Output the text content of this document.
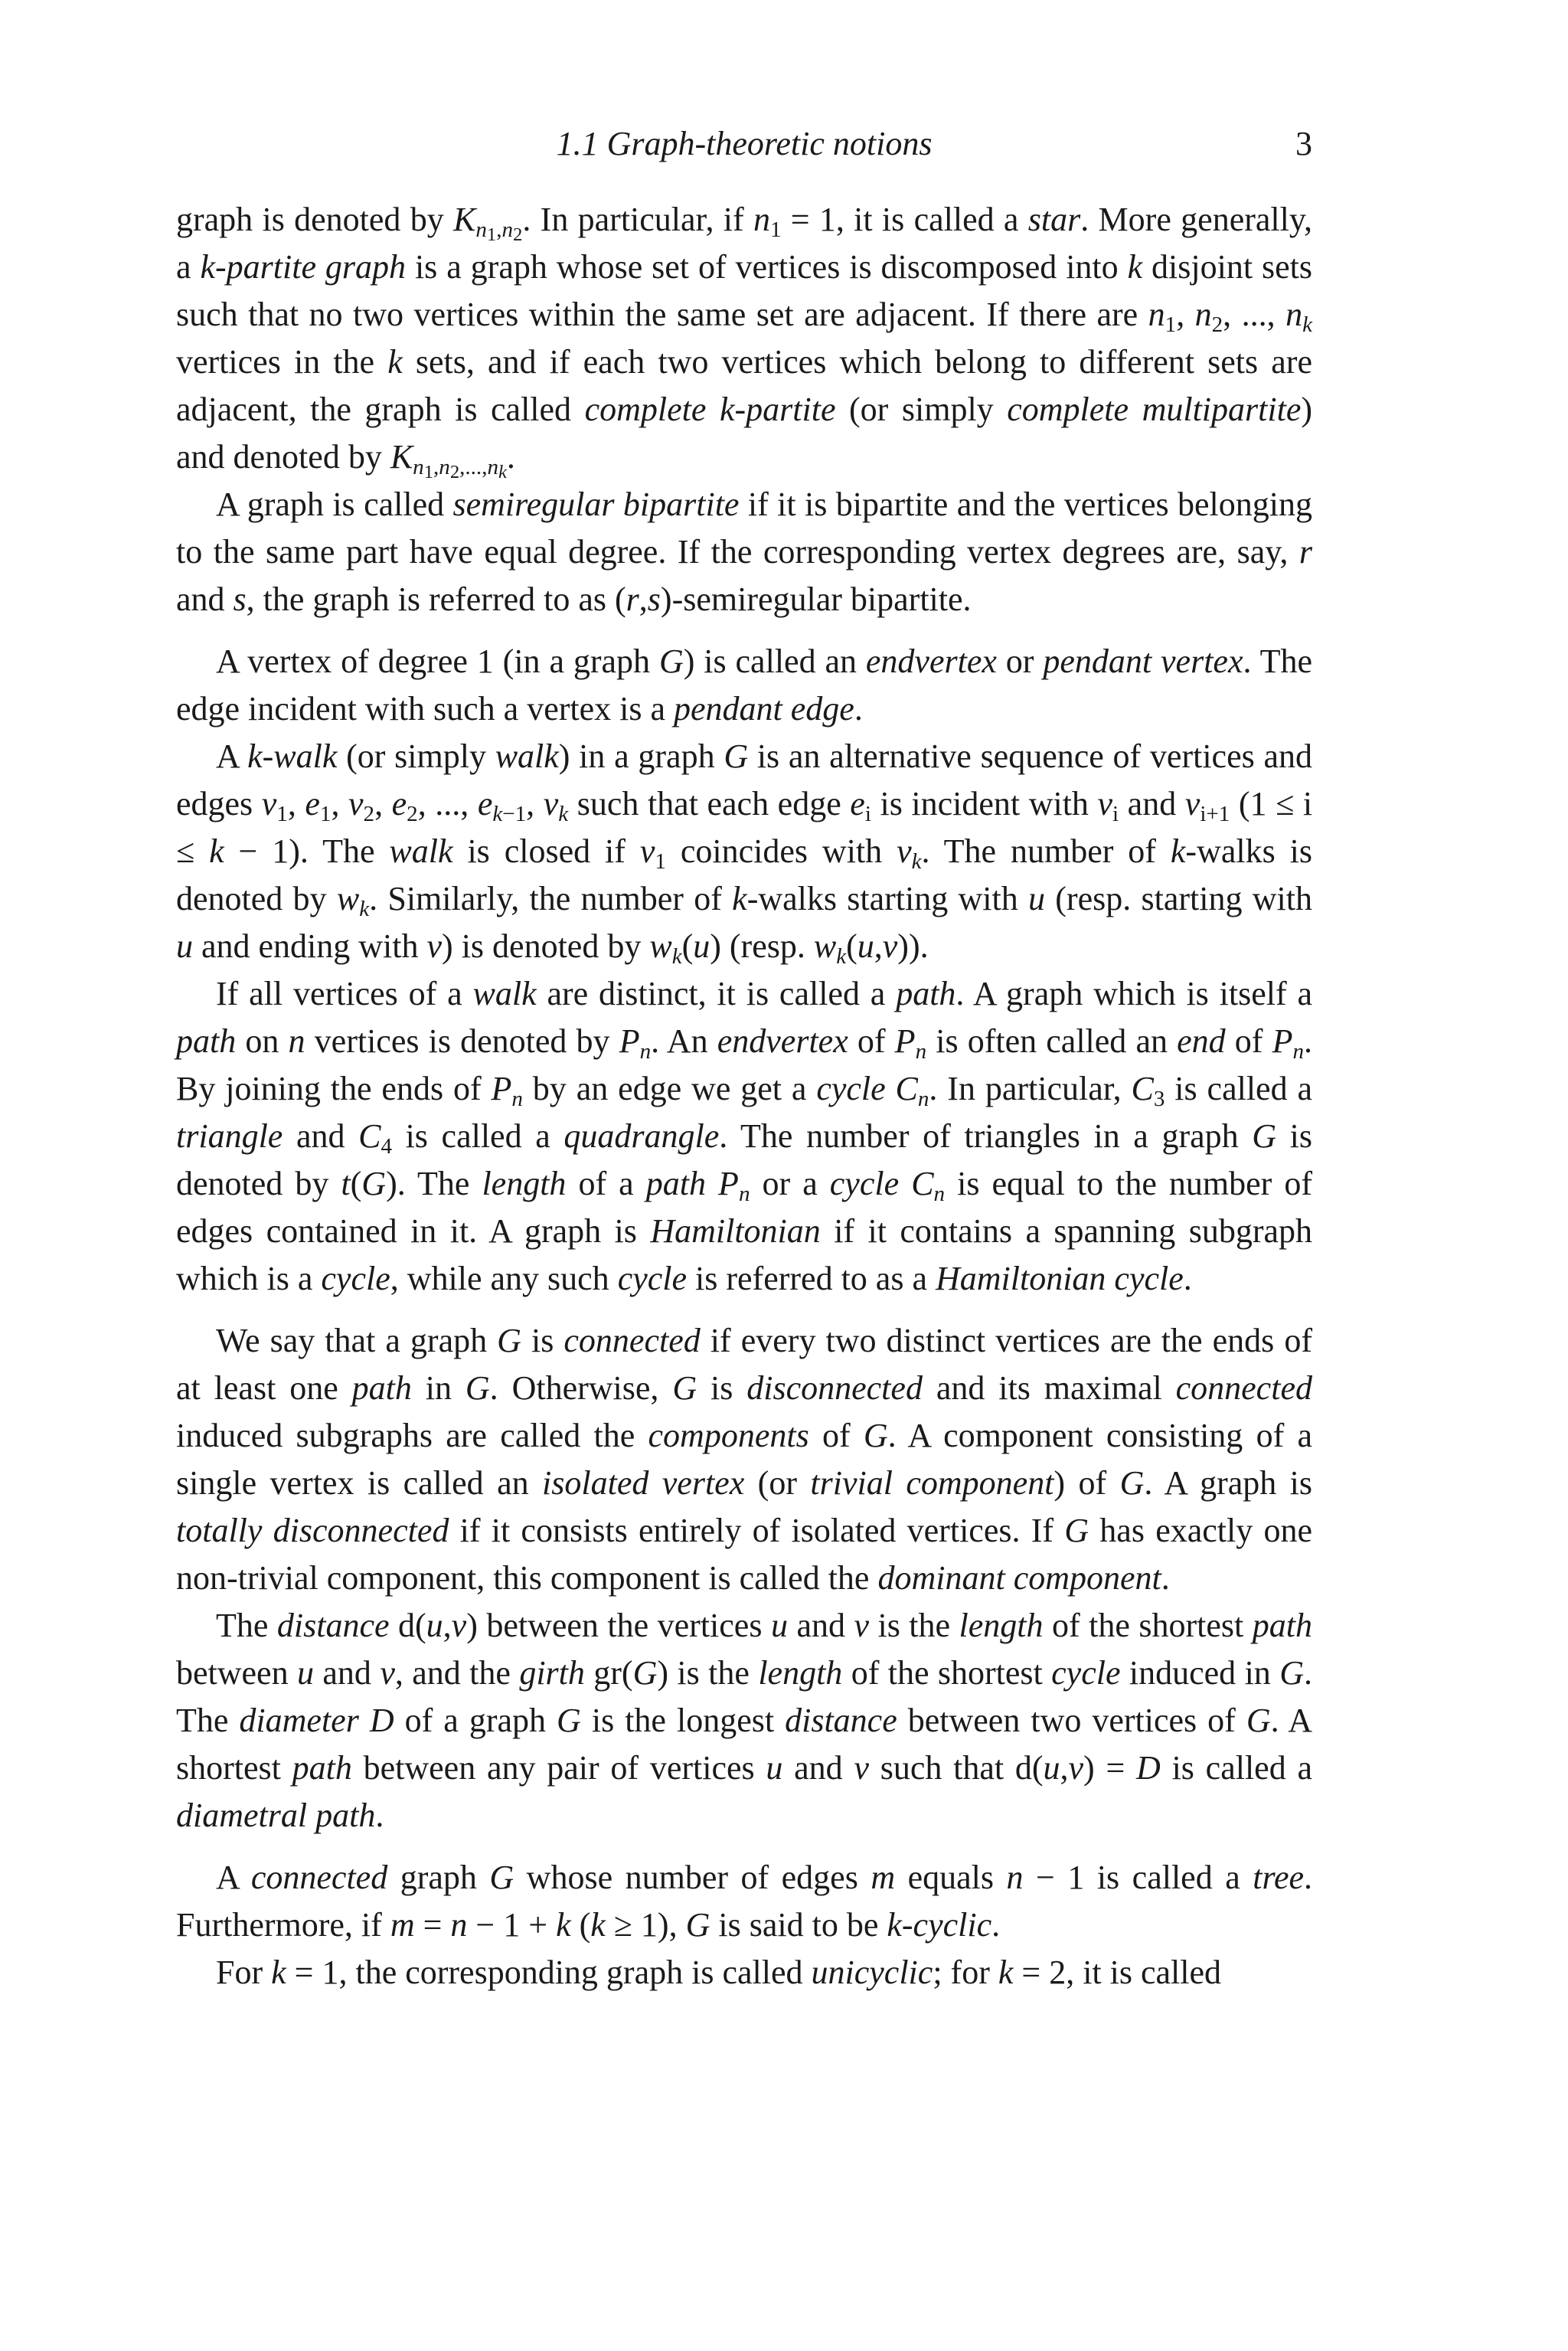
1.1 Graph-theoretic notions	3

graph is denoted by $K_{n_1,n_2}$. In particular, if $n_1 = 1$, it is called a star. More generally, a k-partite graph is a graph whose set of vertices is discomposed into k disjoint sets such that no two vertices within the same set are adjacent. If there are $n_1$, $n_2$, ..., $n_k$ vertices in the k sets, and if each two vertices which belong to different sets are adjacent, the graph is called complete k-partite (or simply complete multipartite) and denoted by $K_{n_1,n_2,...,n_k}$.

A graph is called semiregular bipartite if it is bipartite and the vertices belonging to the same part have equal degree. If the corresponding vertex degrees are, say, r and s, the graph is referred to as (r,s)-semiregular bipartite.

A vertex of degree 1 (in a graph G) is called an endvertex or pendant vertex. The edge incident with such a vertex is a pendant edge.

A k-walk (or simply walk) in a graph G is an alternative sequence of vertices and edges $v_1$, $e_1$, $v_2$, $e_2$, ..., $e_{k-1}$, $v_k$ such that each edge $e_i$ is incident with $v_i$ and $v_{i+1}$ (1 ≤ i ≤ k − 1). The walk is closed if $v_1$ coincides with $v_k$. The number of k-walks is denoted by $w_k$. Similarly, the number of k-walks starting with u (resp. starting with u and ending with v) is denoted by $w_k(u)$ (resp. $w_k(u,v)$).

If all vertices of a walk are distinct, it is called a path. A graph which is itself a path on n vertices is denoted by $P_n$. An endvertex of $P_n$ is often called an end of $P_n$. By joining the ends of $P_n$ by an edge we get a cycle $C_n$. In particular, $C_3$ is called a triangle and $C_4$ is called a quadrangle. The number of triangles in a graph G is denoted by t(G). The length of a path $P_n$ or a cycle $C_n$ is equal to the number of edges contained in it. A graph is Hamiltonian if it contains a spanning subgraph which is a cycle, while any such cycle is referred to as a Hamiltonian cycle.

We say that a graph G is connected if every two distinct vertices are the ends of at least one path in G. Otherwise, G is disconnected and its maximal connected induced subgraphs are called the components of G. A component consisting of a single vertex is called an isolated vertex (or trivial component) of G. A graph is totally disconnected if it consists entirely of isolated vertices. If G has exactly one non-trivial component, this component is called the dominant component.

The distance d(u,v) between the vertices u and v is the length of the shortest path between u and v, and the girth gr(G) is the length of the shortest cycle induced in G. The diameter D of a graph G is the longest distance between two vertices of G. A shortest path between any pair of vertices u and v such that d(u,v) = D is called a diametral path.

A connected graph G whose number of edges m equals n − 1 is called a tree. Furthermore, if m = n − 1 + k (k ≥ 1), G is said to be k-cyclic.

For k = 1, the corresponding graph is called unicyclic; for k = 2, it is called
